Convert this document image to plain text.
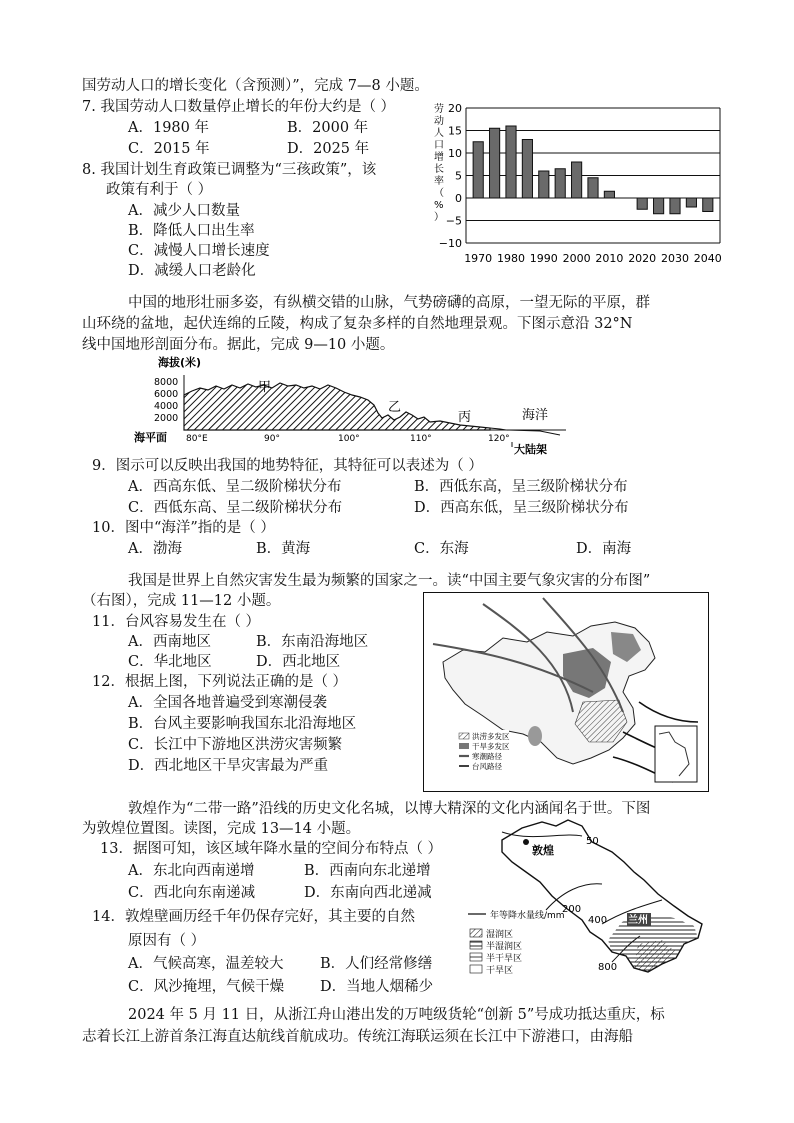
国劳动人口的增长变化（含预测）”，完成 7—8 小题。
7. 我国劳动人口数量停止增长的年份大约是（ ）
A．1980 年	B．2000 年
C．2015 年	D．2025 年
8. 我国计划生育政策已调整为“三孩政策”，该
政策有利于（ ）
A．减少人口数量
B．降低人口出生率
C．减慢人口增长速度
D．减缓人口老龄化
劳
动
人
口
增
长
率
（
%
）
20
15
10
5
0
−5
−10
1970 1980 1990 2000 2010 2020 2030 2040
中国的地形壮丽多姿，有纵横交错的山脉，气势磅礴的高原，一望无际的平原，群
山环绕的盆地，起伏连绵的丘陵，构成了复杂多样的自然地理景观。下图示意沿 32°N
线中国地形剖面分布。据此，完成 9—10 小题。
海拔(米)
8000
6000
4000
2000
海平面 80°E	90°	100°	110°	120°
甲
乙
丙	海洋
大陆架
9．图示可以反映出我国的地势特征，其特征可以表述为（ ）
A．西高东低、呈二级阶梯状分布	B．西低东高，呈三级阶梯状分布
C．西低东高、呈二级阶梯状分布	D．西高东低，呈三级阶梯状分布
10．图中“海洋”指的是（ ）
A．渤海	B．黄海	C．东海	D．南海
我国是世界上自然灾害发生最为频繁的国家之一。读“中国主要气象灾害的分布图”
（右图），完成 11—12 小题。
11．台风容易发生在（ ）
A．西南地区	B．东南沿海地区
C．华北地区	D．西北地区
12．根据上图，下列说法正确的是（ ）
A．全国各地普遍受到寒潮侵袭
B．台风主要影响我国东北沿海地区
C．长江中下游地区洪涝灾害频繁
D．西北地区干旱灾害最为严重
洪涝多发区
干旱多发区
寒潮路径
台风路径
敦煌作为“二带一路”沿线的历史文化名城，以博大精深的文化内涵闻名于世。下图
为敦煌位置图。读图，完成 13—14 小题。
13．据图可知，该区域年降水量的空间分布特点（ ）
A．东北向西南递增	B．西南向东北递增
C．西北向东南递减	D．东南向西北递减
14．敦煌壁画历经千年仍保存完好，其主要的自然
原因有（ ）
A．气候高寒，温差较大	B．人们经常修缮
C．风沙掩埋，气候干燥 D．当地人烟稀少
50
200
400
800
敦煌
兰州
年等降水量线/mm
湿润区
半湿润区
半干旱区
干旱区
2024 年 5 月 11 日，从浙江舟山港出发的万吨级货轮“创新 5”号成功抵达重庆，标
志着长江上游首条江海直达航线首航成功。传统江海联运须在长江中下游港口，由海船
